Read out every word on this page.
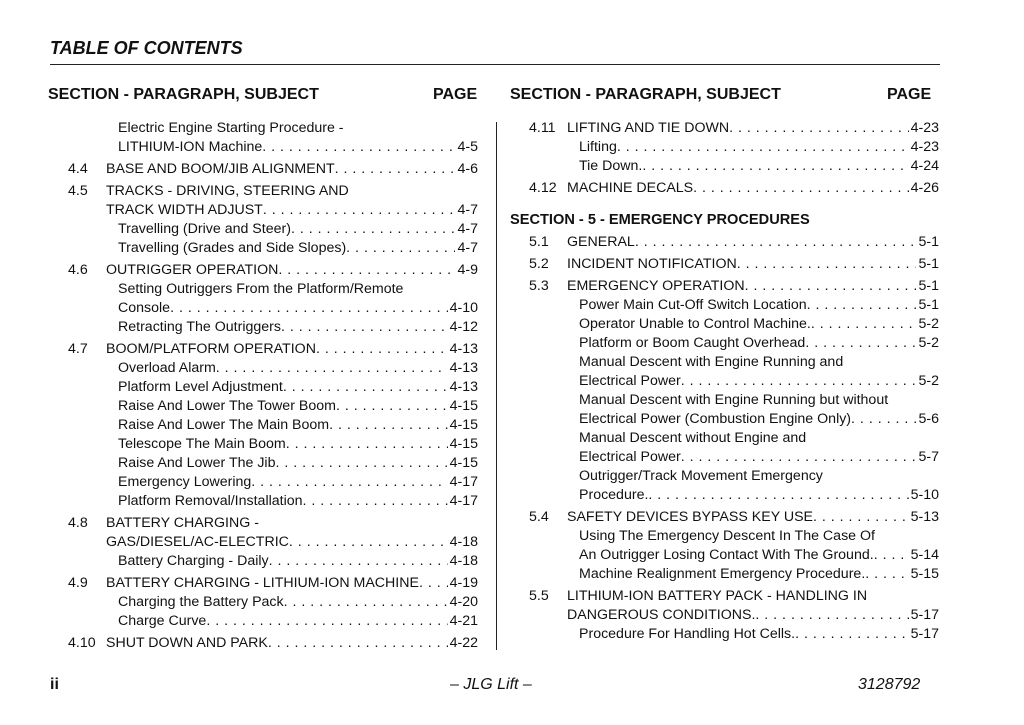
TABLE OF CONTENTS
SECTION - PARAGRAPH, SUBJECT	PAGE SECTION - PARAGRAPH, SUBJECT	PAGE
Electric Engine Starting Procedure -
LITHIUM-ION Machine . . .	4-5
4.4	BASE AND BOOM/JIB ALIGNMENT . . .	4-6
4.5	TRACKS - DRIVING, STEERING AND
TRACK WIDTH ADJUST . . .	4-7
Travelling (Drive and Steer) . . .	4-7
Travelling (Grades and Side Slopes) . . .	4-7
4.6	OUTRIGGER OPERATION . . .	4-9
Setting Outriggers From the Platform/Remote
Console . . .	4-10
Retracting The Outriggers . . .	4-12
4.7	BOOM/PLATFORM OPERATION . . .	4-13
Overload Alarm . . .	4-13
Platform Level Adjustment . . .	4-13
Raise And Lower The Tower Boom . . .	4-15
Raise And Lower The Main Boom . . .	4-15
Telescope The Main Boom . . .	4-15
Raise And Lower The Jib . . .	4-15
Emergency Lowering . . .	4-17
Platform Removal/Installation . . .	4-17
4.8	BATTERY CHARGING -
GAS/DIESEL/AC-ELECTRIC . . .	4-18
Battery Charging - Daily . . .	4-18
4.9	BATTERY CHARGING - LITHIUM-ION MACHINE . . . 4-19
Charging the Battery Pack . . .	4-20
Charge Curve . . .	4-21
4.10 SHUT DOWN AND PARK . . .	4-22
4.11 LIFTING AND TIE DOWN . . .	4-23
Lifting . . .	4-23
Tie Down. . . .	4-24
4.12 MACHINE DECALS . . .	4-26
SECTION - 5 - EMERGENCY PROCEDURES
5.1	GENERAL . . .	5-1
5.2	INCIDENT NOTIFICATION . . .	5-1
5.3	EMERGENCY OPERATION . . .	5-1
Power Main Cut-Off Switch Location . . .	5-1
Operator Unable to Control Machine. . . .	5-2
Platform or Boom Caught Overhead . . .	5-2
Manual Descent with Engine Running and
Electrical Power . . .	5-2
Manual Descent with Engine Running but without
Electrical Power (Combustion Engine Only) . . .	5-6
Manual Descent without Engine and
Electrical Power . . .	5-7
Outrigger/Track Movement Emergency
Procedure. . . .	5-10
5.4	SAFETY DEVICES BYPASS KEY USE . . .	5-13
Using The Emergency Descent In The Case Of
An Outrigger Losing Contact With The Ground. . . .	5-14
Machine Realignment Emergency Procedure. . . .	5-15
5.5	LITHIUM-ION BATTERY PACK - HANDLING IN
DANGEROUS CONDITIONS. . . .	5-17
Procedure For Handling Hot Cells. . . .	5-17
ii	– JLG Lift –	3128792
